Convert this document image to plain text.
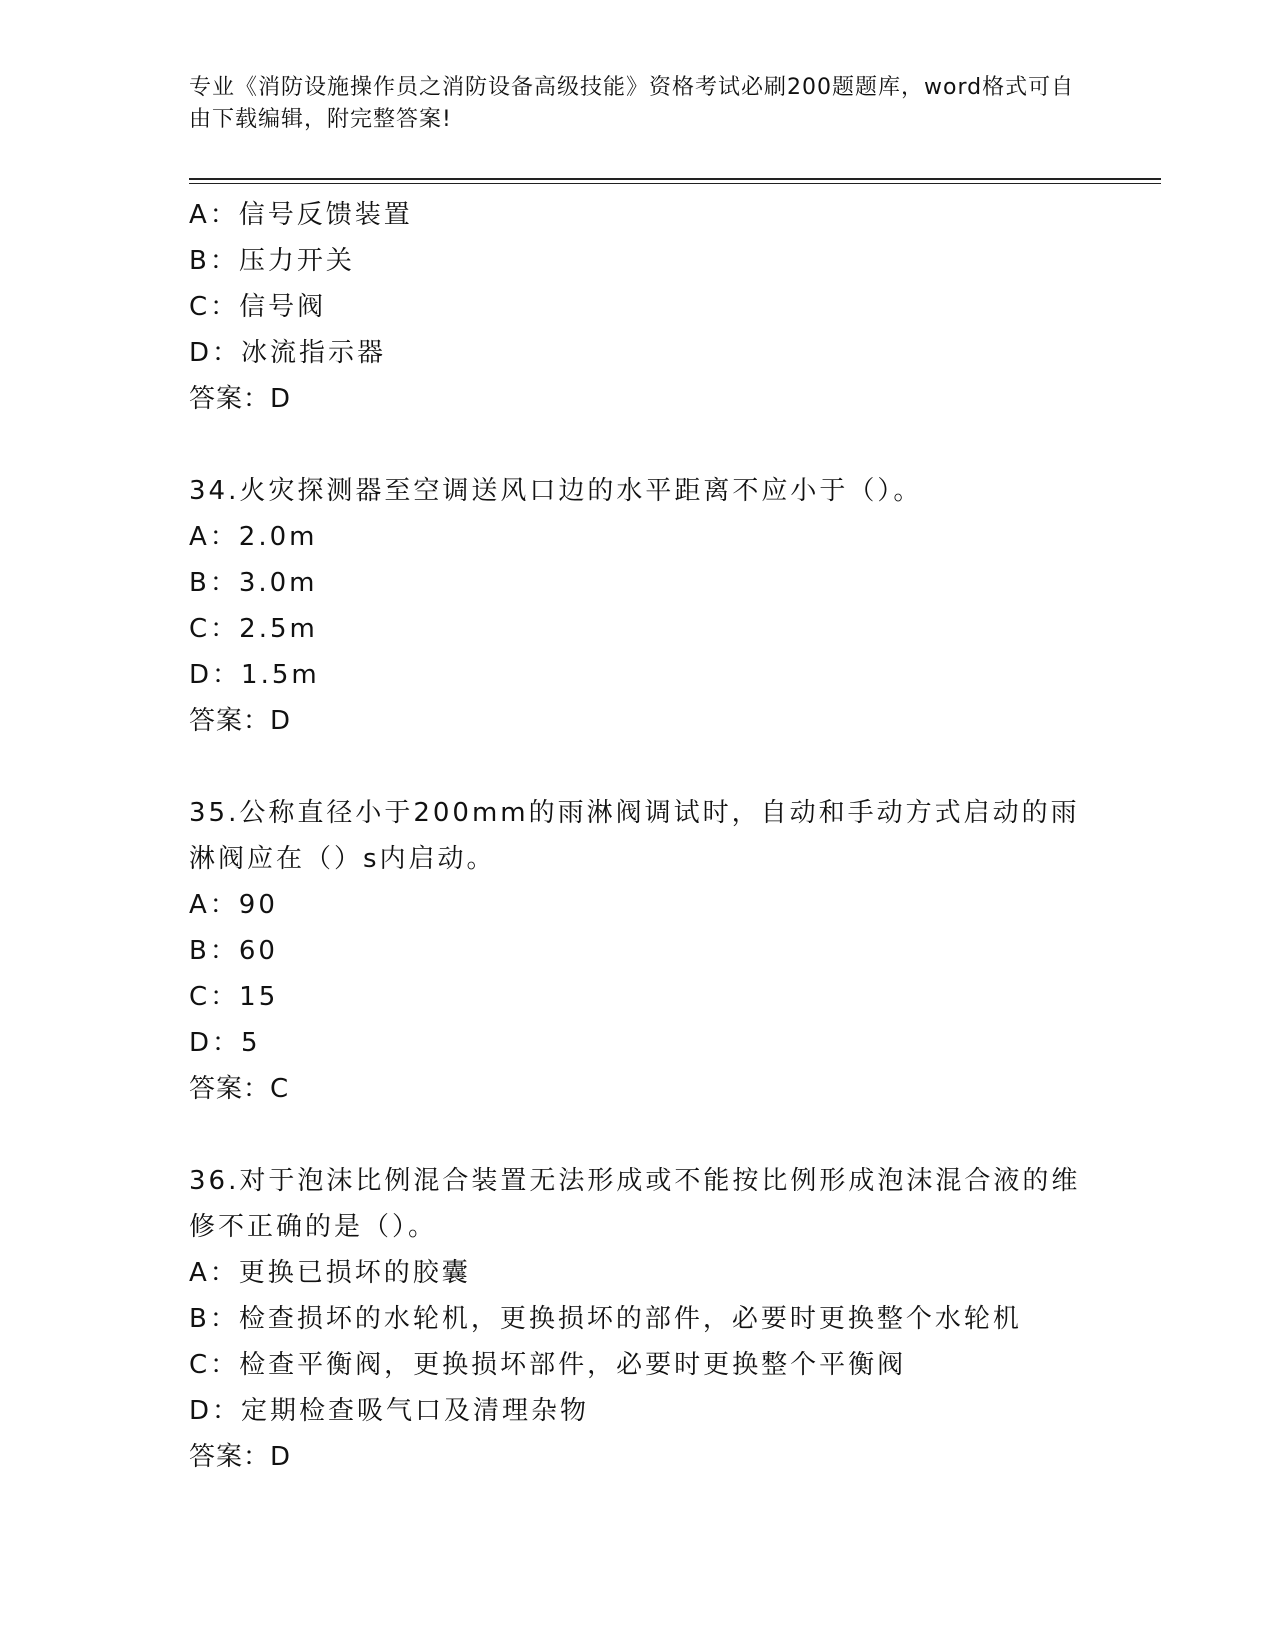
专业《消防设施操作员之消防设备高级技能》资格考试必刷200题题库，word格式可自由下载编辑，附完整答案!
A：信号反馈装置
B：压力开关
C：信号阀
D：冰流指示器
答案：D
34.火灾探测器至空调送风口边的水平距离不应小于（）。
A：2.0m
B：3.0m
C：2.5m
D：1.5m
答案：D
35.公称直径小于200mm的雨淋阀调试时，自动和手动方式启动的雨淋阀应在（）s内启动。
A：90
B：60
C：15
D：5
答案：C
36.对于泡沫比例混合装置无法形成或不能按比例形成泡沫混合液的维修不正确的是（）。
A：更换已损坏的胶囊
B：检查损坏的水轮机，更换损坏的部件，必要时更换整个水轮机
C：检查平衡阀，更换损坏部件，必要时更换整个平衡阀
D：定期检查吸气口及清理杂物
答案：D
